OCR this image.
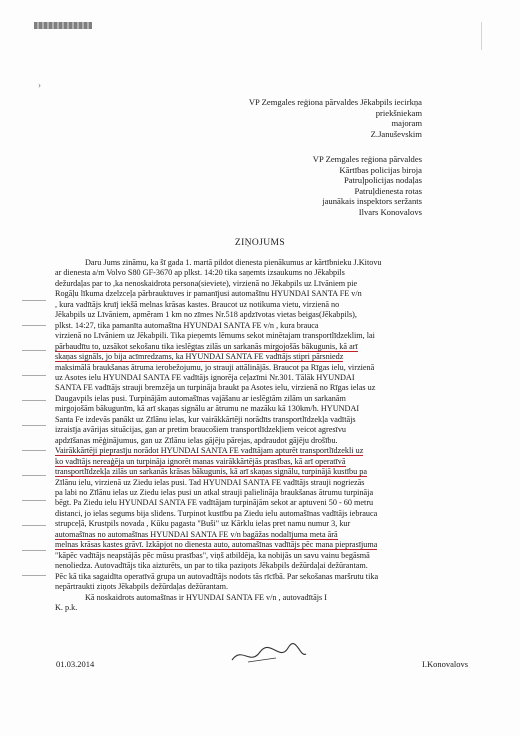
›
VP Zemgales reģiona pārvaldes Jēkabpils iecirkņa
priekšniekam
majoram
Z.Januševskim
VP Zemgales reģiona pārvaldes
Kārtības policijas biroja
Patruļpolicijas nodaļas
Patruļdienesta rotas
jaunākais inspektors seržants
Ilvars Konovalovs
ZIŅOJUMS
Daru Jums zināmu, ka šī gada 1. martā pildot dienesta pienākumus ar kārtībnieku J.Kitovu
ar dienesta a/m Volvo S80 GF-3670 ap plkst. 14:20 tika saņemts izsaukums no Jēkabpils
dežurdaļas par to ,ka nenoskaidrota persona(sieviete), virzienā no Jēkabpils uz Līvāniem pie
Rogāļu līkuma dzelzceļa pārbrauktuves ir pamanījusi automašīnu HYUNDAI SANTA FE v/n
, kura vadītājs kruīj iekšā melnas krāsas kastes. Braucot uz notikuma vietu, virzienā no
Jēkabpils uz Līvāniem, apmēram 1 km no zīmes Nr.518 apdzīvotas vietas beigas(Jēkabpils),
plkst. 14:27, tika pamanīta automašīna HYUNDAI SANTA FE v/n , kura brauca
virzienā no Līvāniem uz Jēkabpili. Tika pieņemts lēmums sekot minētajam transportlīdzeklim, lai
pārbaudītu to, uzsākot sekošanu tika ieslēgtas zilās un sarkanās mirgojošās bākugunis, kā arī
skaņas signāls, jo bija acīmredzams, ka HYUNDAI SANTA FE vadītājs stipri pārsniedz
maksimālā braukšanas ātruma ierobežojumu, jo strauji attālinājās. Braucot pa Rīgas ielu, virzienā
uz Asotes ielu HYUNDAI SANTA FE vadītājs ignorēja ceļazīmi Nr.301. Tālāk HYUNDAI
SANTA FE vadītājs strauji bremzēja un turpināja braukt pa Asotes ielu, virzienā no Rīgas ielas uz
Daugavpils ielas pusi. Turpinājām automašīnas vajāšanu ar ieslēgtām zilām un sarkanām
mirgojošām bākugunīm, kā arī skaņas signālu ar ātrumu ne mazāku kā 130km/h. HYUNDAI
Santa Fe izdevās panākt uz Zīlānu ielas, kur vairākkārtēji norādīts transportlīdzekļa vadītājs
izraisīja avārijas situācijas, gan ar pretim braucošiem transportlīdzekļiem veicot agresīvu
apdzīšanas mēģinājumus, gan uz Zīlānu ielas gājēju pārejas, apdraudot gājēju drošību.
Vairākkārtēji pieprasīju norādot HYUNDAI SANTA FE vadītājam apturēt transportlīdzekli uz
ko vadītājs nereaģēja un turpināja ignorēt manas vairākkārtējās prasības, kā arī operatīvā
transportlīdzekļa zilās un sarkanās krāsas bākugunis, kā arī skaņas signālu, turpinājā kustību pa
Zīlānu ielu, virzienā uz Ziedu ielas pusi. Tad HYUNDAI SANTA FE vadītājs strauji nogriezās
pa labi no Zīlānu ielas uz Ziedu ielas pusi un atkal strauji palielināja braukšanas ātrumu turpināja
bēgt. Pa Ziedu ielu HYUNDAI SANTA FE vadītājam turpinājām sekot ar aptuveni 50 - 60 metru
distanci, jo ielas segums bija slidens. Turpinot kustību pa Ziedu ielu automašīnas vadītājs iebrauca
strupceļā, Krustpils novada , Kūku pagasta "Buši" uz Kārklu ielas pret namu numur 3, kur
automašīnas no automašīnas HYUNDAI SANTA FE v/n bagāžas nodalījuma meta ārā
melnas krāsas kastes grāvī. Izkāpjot no dienesta auto, automašīnas vadītājs pēc mana pieprasījuma
"kāpēc vadītājs neapstājās pēc mūsu prasības", viņš atbildēja, ka nobijās un savu vainu begāsmā
nenoliedza. Autovadītājs tika aizturēts, un par to tika paziņots Jēkabpils dežūrdaļai dežūrantam.
Pēc kā tika sagaidīta operatīvā grupa un autovadītājs nodots tās rīcībā. Par sekošanas maršrutu tika
nepārtraukti ziņots Jēkabpils dežūrdaļas dežūrantam.
Kā noskaidrots automašīnas ir HYUNDAI SANTA FE v/n , autovadītājs I
K. p.k.
01.03.2014	I.Konovalovs
